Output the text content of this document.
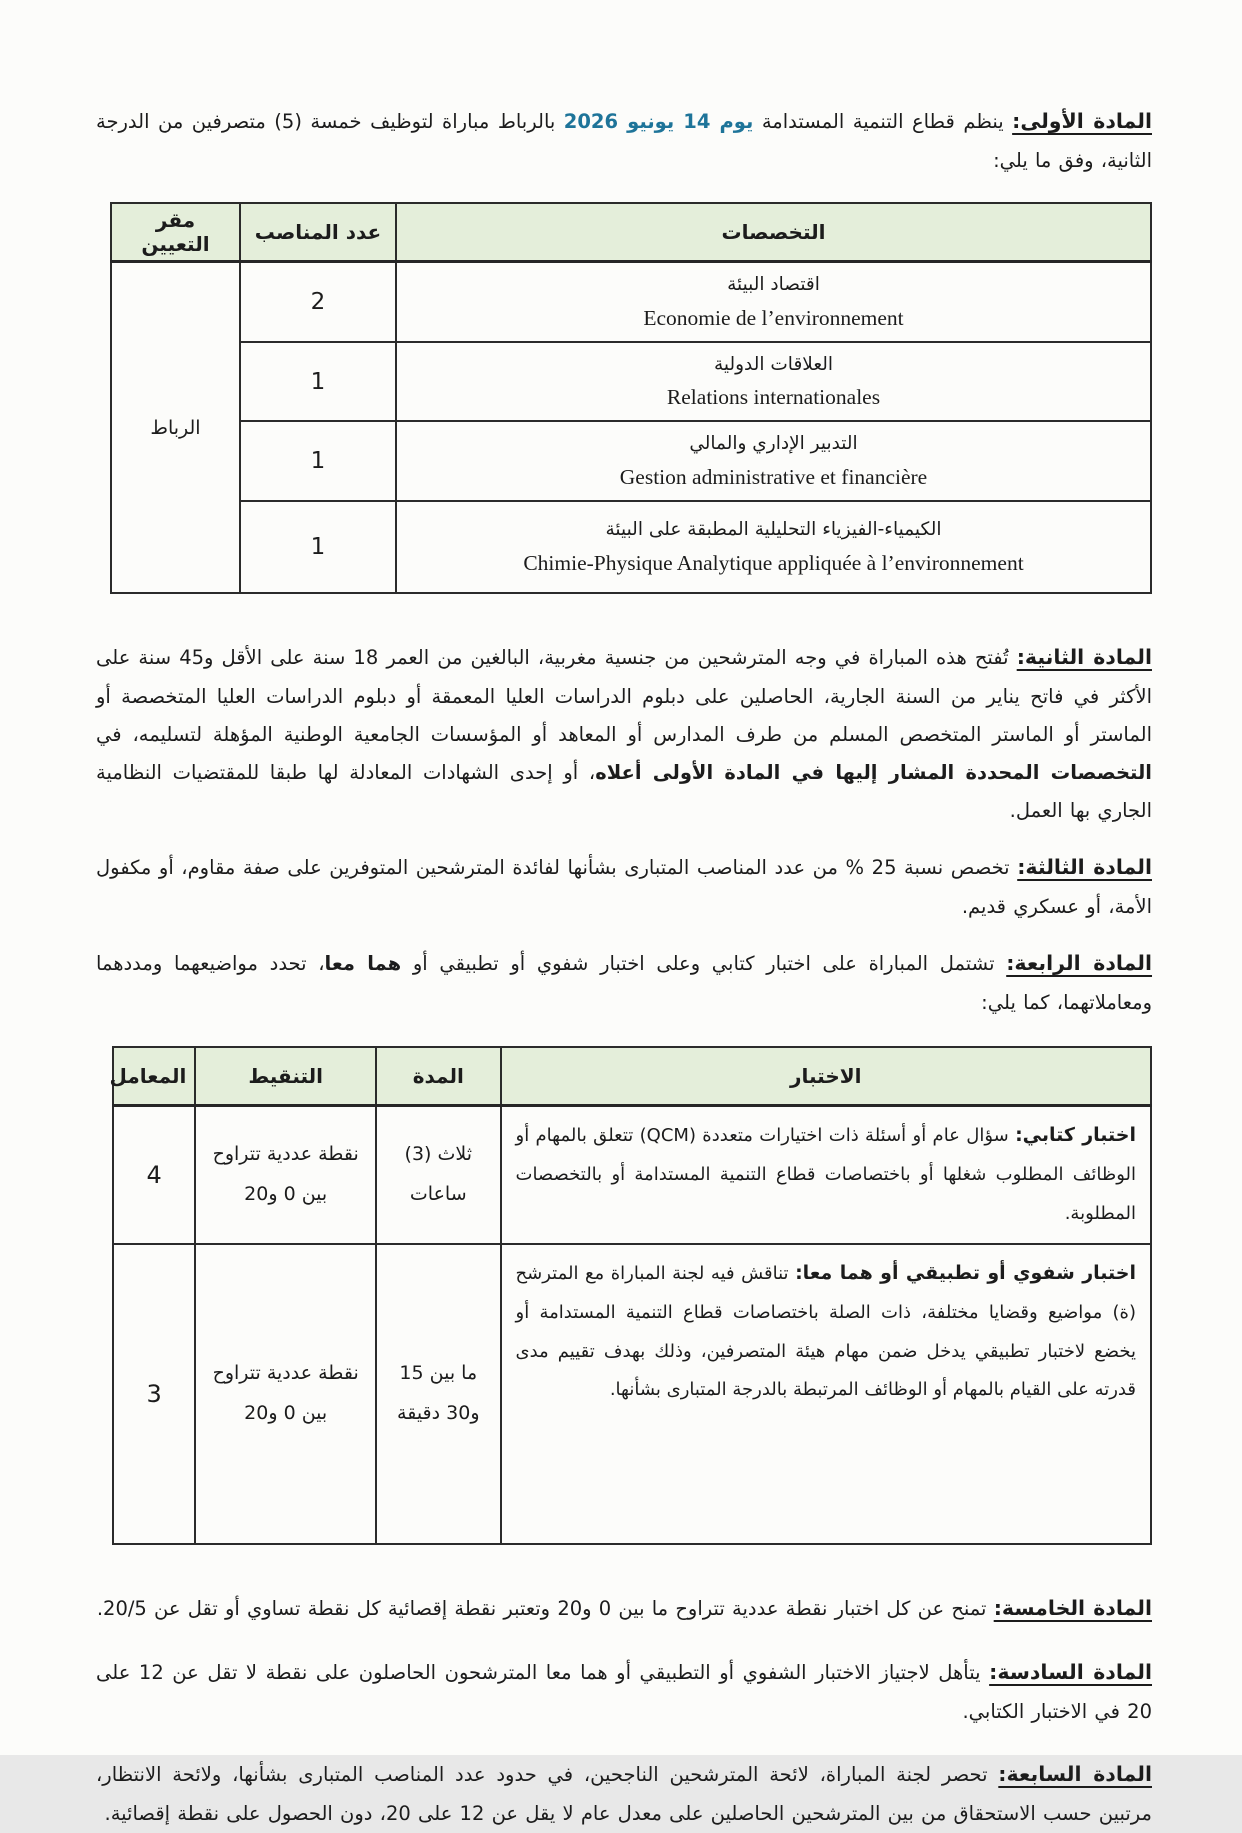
المادة الأولى: ينظم قطاع التنمية المستدامة يوم 14 يونيو 2026 بالرباط مباراة لتوظيف خمسة (5) متصرفين من الدرجة الثانية، وفق ما يلي:

التخصصات	عدد المناصب	مقر التعيين

اقتصاد البيئة
Economie de l’environnement	2	الرباط

العلاقات الدولية
Relations internationales	1	

التدبير الإداري والمالي
Gestion administrative et financière	1	

الكيمياء-الفيزياء التحليلية المطبقة على البيئة
Chimie-Physique Analytique appliquée à l’environnement	1	

المادة الثانية: تُفتح هذه المباراة في وجه المترشحين من جنسية مغربية، البالغين من العمر 18 سنة على الأقل و45 سنة على الأكثر في فاتح يناير من السنة الجارية، الحاصلين على دبلوم الدراسات العليا المعمقة أو دبلوم الدراسات العليا المتخصصة أو الماستر أو الماستر المتخصص المسلم من طرف المدارس أو المعاهد أو المؤسسات الجامعية الوطنية المؤهلة لتسليمه، في التخصصات المحددة المشار إليها في المادة الأولى أعلاه، أو إحدى الشهادات المعادلة لها طبقا للمقتضيات النظامية الجاري بها العمل.

المادة الثالثة: تخصص نسبة 25 % من عدد المناصب المتبارى بشأنها لفائدة المترشحين المتوفرين على صفة مقاوم، أو مكفول الأمة، أو عسكري قديم.

المادة الرابعة: تشتمل المباراة على اختبار كتابي وعلى اختبار شفوي أو تطبيقي أو هما معا، تحدد مواضيعهما ومددهما ومعاملاتهما، كما يلي:

الاختبار	المدة	التنقيط	المعامل
اختبار كتابي: سؤال عام أو أسئلة ذات اختيارات متعددة (QCM) تتعلق بالمهام أو الوظائف المطلوب شغلها أو باختصاصات قطاع التنمية المستدامة أو بالتخصصات المطلوبة.	ثلاث (3) ساعات	نقطة عددية تتراوح بين 0 و20	4
اختبار شفوي أو تطبيقي أو هما معا: تناقش فيه لجنة المباراة مع المترشح (ة) مواضيع وقضايا مختلفة، ذات الصلة باختصاصات قطاع التنمية المستدامة أو يخضع لاختبار تطبيقي يدخل ضمن مهام هيئة المتصرفين، وذلك بهدف تقييم مدى قدرته على القيام بالمهام أو الوظائف المرتبطة بالدرجة المتبارى بشأنها.	ما بين 15 و30 دقيقة	نقطة عددية تتراوح بين 0 و20	3

المادة الخامسة: تمنح عن كل اختبار نقطة عددية تتراوح ما بين 0 و20 وتعتبر نقطة إقصائية كل نقطة تساوي أو تقل عن 20/5.

المادة السادسة: يتأهل لاجتياز الاختبار الشفوي أو التطبيقي أو هما معا المترشحون الحاصلون على نقطة لا تقل عن 12 على 20 في الاختبار الكتابي.

المادة السابعة: تحصر لجنة المباراة، لائحة المترشحين الناجحين، في حدود عدد المناصب المتبارى بشأنها، ولائحة الانتظار، مرتبين حسب الاستحقاق من بين المترشحين الحاصلين على معدل عام لا يقل عن 12 على 20، دون الحصول على نقطة إقصائية.
